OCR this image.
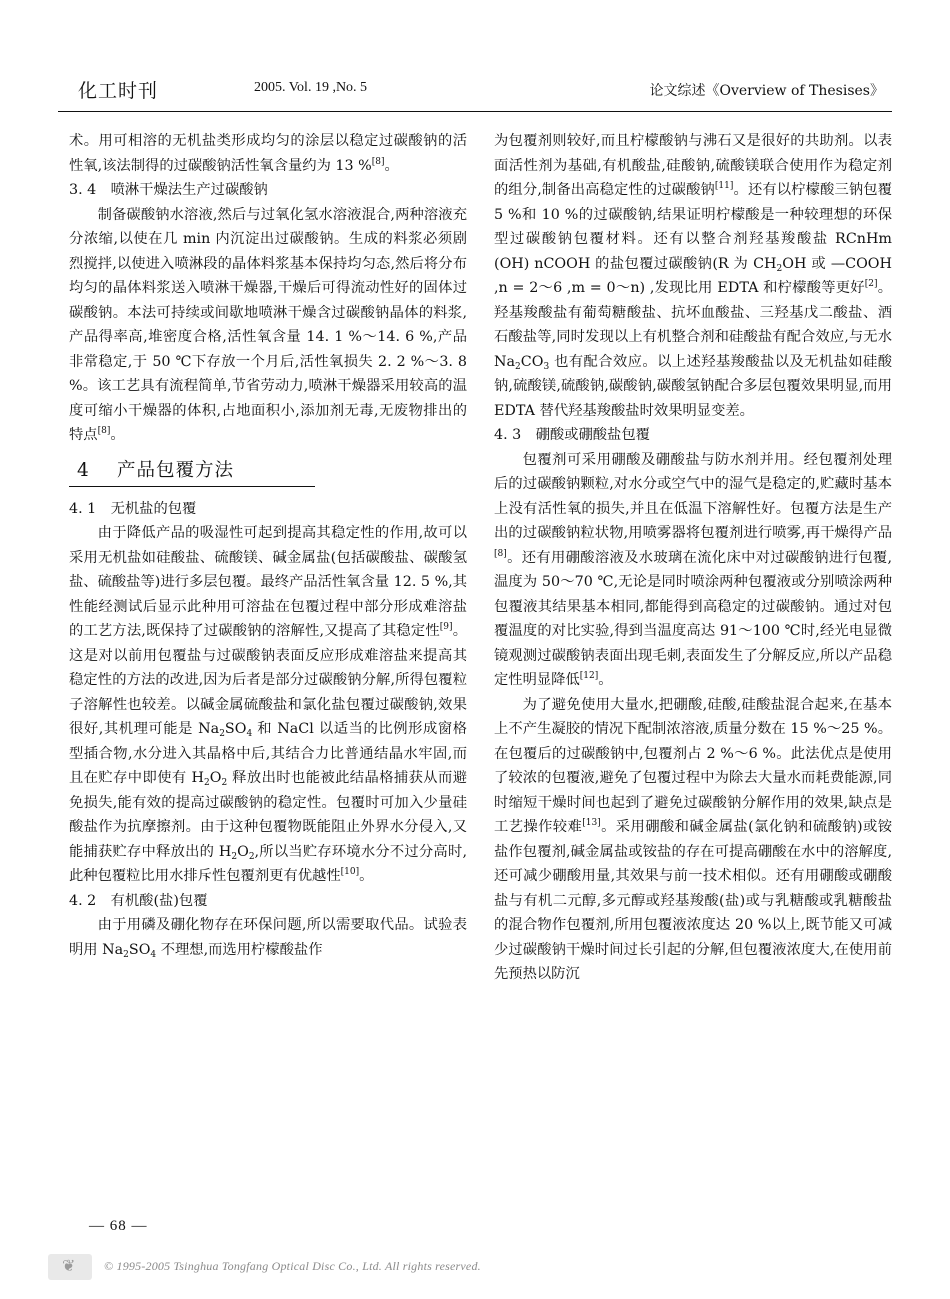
化工时刊	2005. Vol. 19 ,No. 5	论文综述《Overview of Thesises》

术。用可相溶的无机盐类形成均匀的涂层以稳定过碳酸钠的活性氧,该法制得的过碳酸钠活性氧含量约为 13 %[8]。

3. 4　喷淋干燥法生产过碳酸钠

制备碳酸钠水溶液,然后与过氧化氢水溶液混合,两种溶液充分浓缩,以使在几 min 内沉淀出过碳酸钠。生成的料浆必须剧烈搅拌,以使进入喷淋段的晶体料浆基本保持均匀态,然后将分布均匀的晶体料浆送入喷淋干燥器,干燥后可得流动性好的固体过碳酸钠。本法可持续或间歇地喷淋干燥含过碳酸钠晶体的料浆,产品得率高,堆密度合格,活性氧含量 14. 1 %～14. 6 %,产品非常稳定,于 50 ℃下存放一个月后,活性氧损失 2. 2 %～3. 8 %。该工艺具有流程简单,节省劳动力,喷淋干燥器采用较高的温度可缩小干燥器的体积,占地面积小,添加剂无毒,无废物排出的特点[8]。

4 产品包覆方法
4. 1　无机盐的包覆

由于降低产品的吸湿性可起到提高其稳定性的作用,故可以采用无机盐如硅酸盐、硫酸镁、碱金属盐(包括碳酸盐、碳酸氢盐、硫酸盐等)进行多层包覆。最终产品活性氧含量 12. 5 %,其性能经测试后显示此种用可溶盐在包覆过程中部分形成难溶盐的工艺方法,既保持了过碳酸钠的溶解性,又提高了其稳定性[9]。这是对以前用包覆盐与过碳酸钠表面反应形成难溶盐来提高其稳定性的方法的改进,因为后者是部分过碳酸钠分解,所得包覆粒子溶解性也较差。以碱金属硫酸盐和氯化盐包覆过碳酸钠,效果很好,其机理可能是 $Na_2SO_4$ 和 NaCl 以适当的比例形成窗格型插合物,水分进入其晶格中后,其结合力比普通结晶水牢固,而且在贮存中即使有 $H_2O_2$ 释放出时也能被此结晶格捕获从而避免损失,能有效的提高过碳酸钠的稳定性。包覆时可加入少量硅酸盐作为抗摩擦剂。由于这种包覆物既能阻止外界水分侵入,又能捕获贮存中释放出的 $H_2O_2$,所以当贮存环境水分不过分高时,此种包覆粒比用水排斥性包覆剂更有优越性[10]。

4. 2　有机酸(盐)包覆

由于用磷及硼化物存在环保问题,所以需要取代品。试验表明用 $Na_2SO_4$ 不理想,而选用柠檬酸盐作

为包覆剂则较好,而且柠檬酸钠与沸石又是很好的共助剂。以表面活性剂为基础,有机酸盐,硅酸钠,硫酸镁联合使用作为稳定剂的组分,制备出高稳定性的过碳酸钠[11]。还有以柠檬酸三钠包覆 5 %和 10 %的过碳酸钠,结果证明柠檬酸是一种较理想的环保型过碳酸钠包覆材料。还有以整合剂羟基羧酸盐 RCnHm (OH) nCOOH 的盐包覆过碳酸钠(R 为 $CH_2OH$ 或 —COOH ,n = 2～6 ,m = 0～n) ,发现比用 EDTA 和柠檬酸等更好[2]。羟基羧酸盐有葡萄糖酸盐、抗坏血酸盐、三羟基戊二酸盐、酒石酸盐等,同时发现以上有机整合剂和硅酸盐有配合效应,与无水 $Na_2CO_3$ 也有配合效应。以上述羟基羧酸盐以及无机盐如硅酸钠,硫酸镁,硫酸钠,碳酸钠,碳酸氢钠配合多层包覆效果明显,而用 EDTA 替代羟基羧酸盐时效果明显变差。

4. 3　硼酸或硼酸盐包覆

包覆剂可采用硼酸及硼酸盐与防水剂并用。经包覆剂处理后的过碳酸钠颗粒,对水分或空气中的湿气是稳定的,贮藏时基本上没有活性氧的损失,并且在低温下溶解性好。包覆方法是生产出的过碳酸钠粒状物,用喷雾器将包覆剂进行喷雾,再干燥得产品[8]。还有用硼酸溶液及水玻璃在流化床中对过碳酸钠进行包覆,温度为 50～70 ℃,无论是同时喷涂两种包覆液或分别喷涂两种包覆液其结果基本相同,都能得到高稳定的过碳酸钠。通过对包覆温度的对比实验,得到当温度高达 91～100 ℃时,经光电显微镜观测过碳酸钠表面出现毛刺,表面发生了分解反应,所以产品稳定性明显降低[12]。

为了避免使用大量水,把硼酸,硅酸,硅酸盐混合起来,在基本上不产生凝胶的情况下配制浓溶液,质量分数在 15 %～25 %。在包覆后的过碳酸钠中,包覆剂占 2 %～6 %。此法优点是使用了较浓的包覆液,避免了包覆过程中为除去大量水而耗费能源,同时缩短干燥时间也起到了避免过碳酸钠分解作用的效果,缺点是工艺操作较难[13]。采用硼酸和碱金属盐(氯化钠和硫酸钠)或铵盐作包覆剂,碱金属盐或铵盐的存在可提高硼酸在水中的溶解度,还可减少硼酸用量,其效果与前一技术相似。还有用硼酸或硼酸盐与有机二元醇,多元醇或羟基羧酸(盐)或与乳糖酸或乳糖酸盐的混合物作包覆剂,所用包覆液浓度达 20 %以上,既节能又可减少过碳酸钠干燥时间过长引起的分解,但包覆液浓度大,在使用前先预热以防沉

— 68 —
❦ © 1995-2005 Tsinghua Tongfang Optical Disc Co., Ltd. All rights reserved.
